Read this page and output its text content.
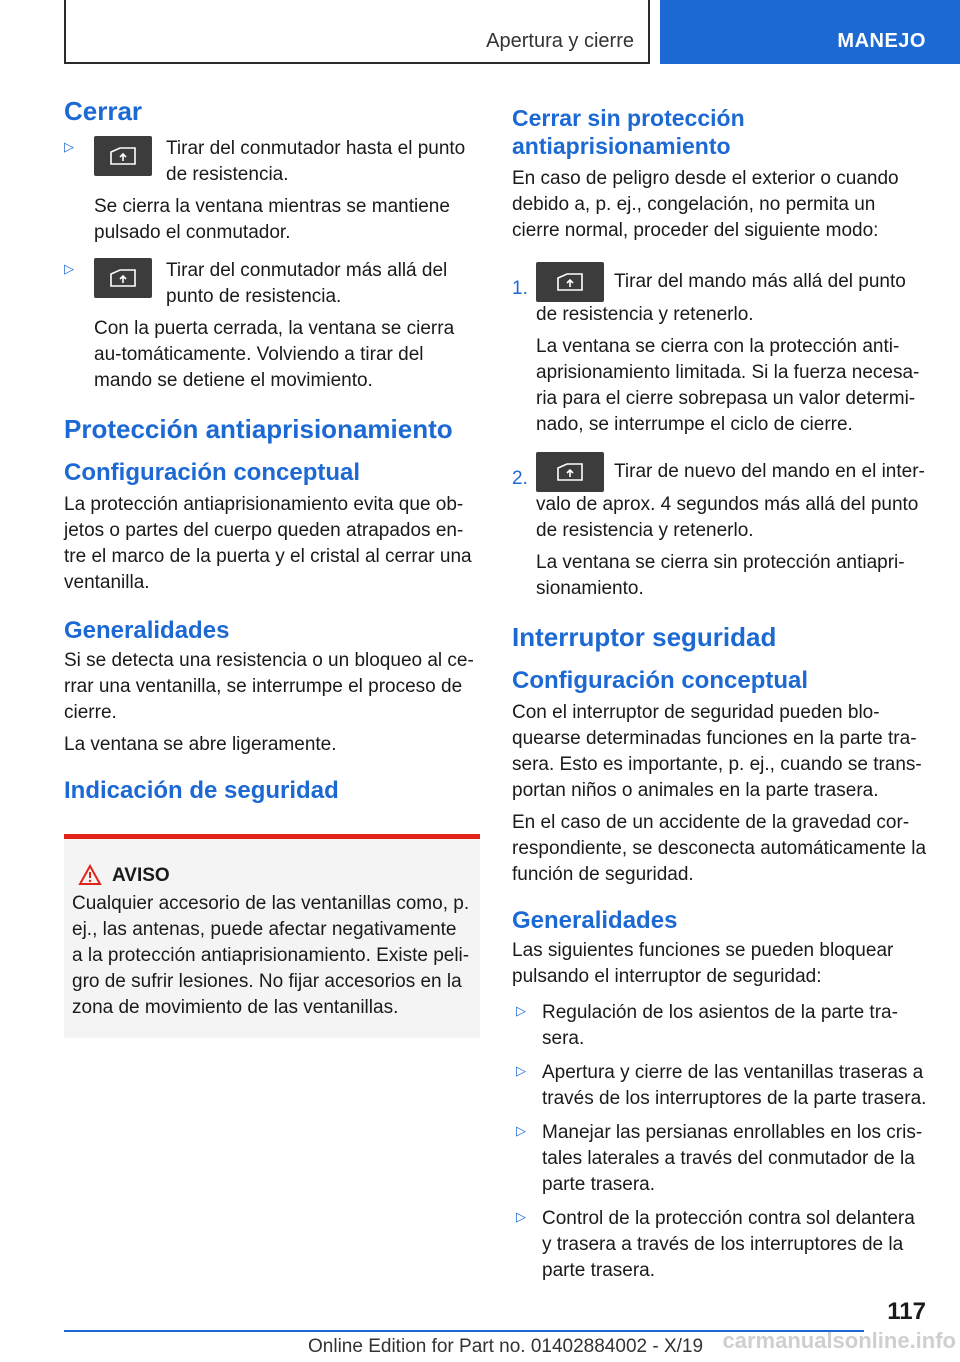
Apertura y cierre	MANEJO
Cerrar
▷	Tirar del conmutador hasta el punto de resistencia.

Se cierra la ventana mientras se mantiene pulsado el conmutador.

▷	Tirar del conmutador más allá del punto de resistencia.

Con la puerta cerrada, la ventana se cierra au‐tomáticamente. Volviendo a tirar del mando se detiene el movimiento.

Protección antiaprisionamiento
Configuración conceptual

La protección antiaprisionamiento evita que ob‐jetos o partes del cuerpo queden atrapados en‐tre el marco de la puerta y el cristal al cerrar una ventanilla.

Generalidades

Si se detecta una resistencia o un bloqueo al ce‐rrar una ventanilla, se interrumpe el proceso de cierre.

La ventana se abre ligeramente.

Indicación de seguridad
AVISO

Cualquier accesorio de las ventanillas como, p. ej., las antenas, puede afectar negativamente a la protección antiaprisionamiento. Existe peli‐gro de sufrir lesiones. No fijar accesorios en la zona de movimiento de las ventanillas.

Cerrar sin protección antiaprisionamiento

En caso de peligro desde el exterior o cuando debido a, p. ej., congelación, no permita un cierre normal, proceder del siguiente modo:

1.	Tirar del mando más allá del punto de resistencia y retenerlo.

La ventana se cierra con la protección anti‐aprisionamiento limitada. Si la fuerza necesa‐ria para el cierre sobrepasa un valor determi‐nado, se interrumpe el ciclo de cierre.

2.	Tirar de nuevo del mando en el inter‐valo de aprox. 4 segundos más allá del punto de resistencia y retenerlo.

La ventana se cierra sin protección antiapri‐sionamiento.

Interruptor seguridad
Configuración conceptual

Con el interruptor de seguridad pueden blo‐quearse determinadas funciones en la parte tra‐sera. Esto es importante, p. ej., cuando se trans‐portan niños o animales en la parte trasera.

En el caso de un accidente de la gravedad cor‐respondiente, se desconecta automáticamente la función de seguridad.

Generalidades

Las siguientes funciones se pueden bloquear pulsando el interruptor de seguridad:

▷ Regulación de los asientos de la parte tra‐sera.

▷ Apertura y cierre de las ventanillas traseras a través de los interruptores de la parte trasera.

▷ Manejar las persianas enrollables en los cris‐tales laterales a través del conmutador de la parte trasera.

▷ Control de la protección contra sol delantera y trasera a través de los interruptores de la parte trasera.

117
Online Edition for Part no. 01402884002 - X/19 carmanualsonline.info
